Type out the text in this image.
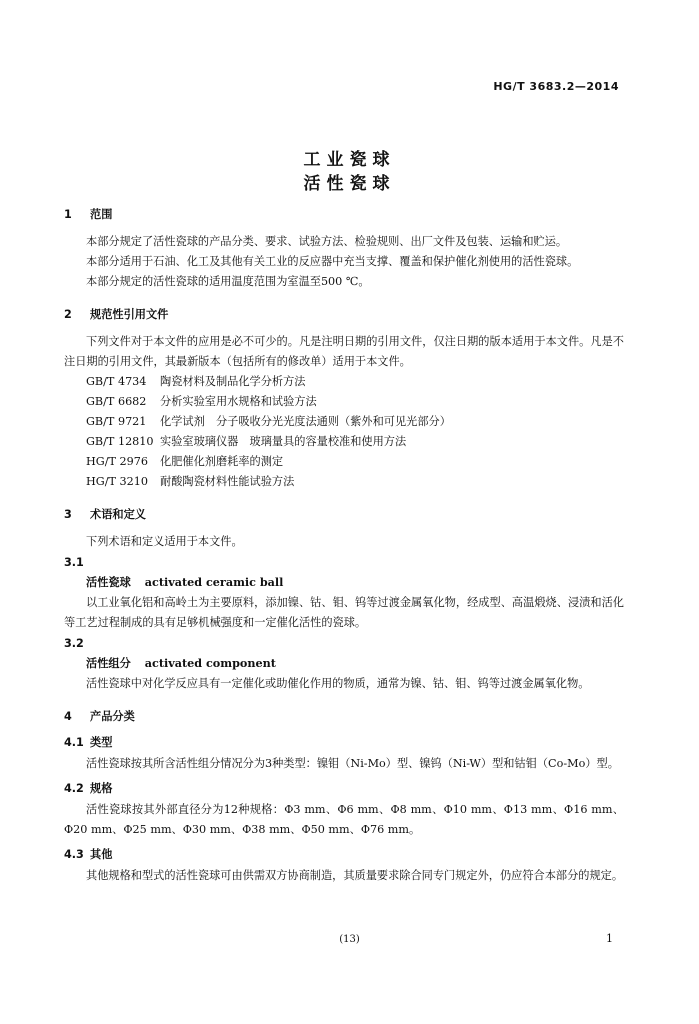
HG/T 3683.2—2014
工业瓷球
活性瓷球
1 范围

本部分规定了活性瓷球的产品分类、要求、试验方法、检验规则、出厂文件及包装、运输和贮运。

本部分适用于石油、化工及其他有关工业的反应器中充当支撑、覆盖和保护催化剂使用的活性瓷球。

本部分规定的活性瓷球的适用温度范围为室温至500 ℃。

2 规范性引用文件

下列文件对于本文件的应用是必不可少的。凡是注明日期的引用文件，仅注日期的版本适用于本文件。凡是不注日期的引用文件，其最新版本（包括所有的修改单）适用于本文件。

GB/T 4734 陶瓷材料及制品化学分析方法
GB/T 6682 分析实验室用水规格和试验方法
GB/T 9721 化学试剂　分子吸收分光光度法通则（紫外和可见光部分）
GB/T 12810 实验室玻璃仪器　玻璃量具的容量校准和使用方法
HG/T 2976 化肥催化剂磨耗率的测定
HG/T 3210 耐酸陶瓷材料性能试验方法
3 术语和定义

下列术语和定义适用于本文件。

3.1
活性瓷球 activated ceramic ball

以工业氧化铝和高岭土为主要原料，添加镍、钴、钼、钨等过渡金属氧化物，经成型、高温煅烧、浸渍和活化等工艺过程制成的具有足够机械强度和一定催化活性的瓷球。

3.2
活性组分 activated component

活性瓷球中对化学反应具有一定催化或助催化作用的物质，通常为镍、钴、钼、钨等过渡金属氧化物。

4 产品分类
4.1 类型

活性瓷球按其所含活性组分情况分为3种类型：镍钼（Ni-Mo）型、镍钨（Ni-W）型和钴钼（Co-Mo）型。

4.2 规格

活性瓷球按其外部直径分为12种规格：Φ3 mm、Φ6 mm、Φ8 mm、Φ10 mm、Φ13 mm、Φ16 mm、Φ20 mm、Φ25 mm、Φ30 mm、Φ38 mm、Φ50 mm、Φ76 mm。

4.3 其他

其他规格和型式的活性瓷球可由供需双方协商制造，其质量要求除合同专门规定外，仍应符合本部分的规定。

(13)	1
